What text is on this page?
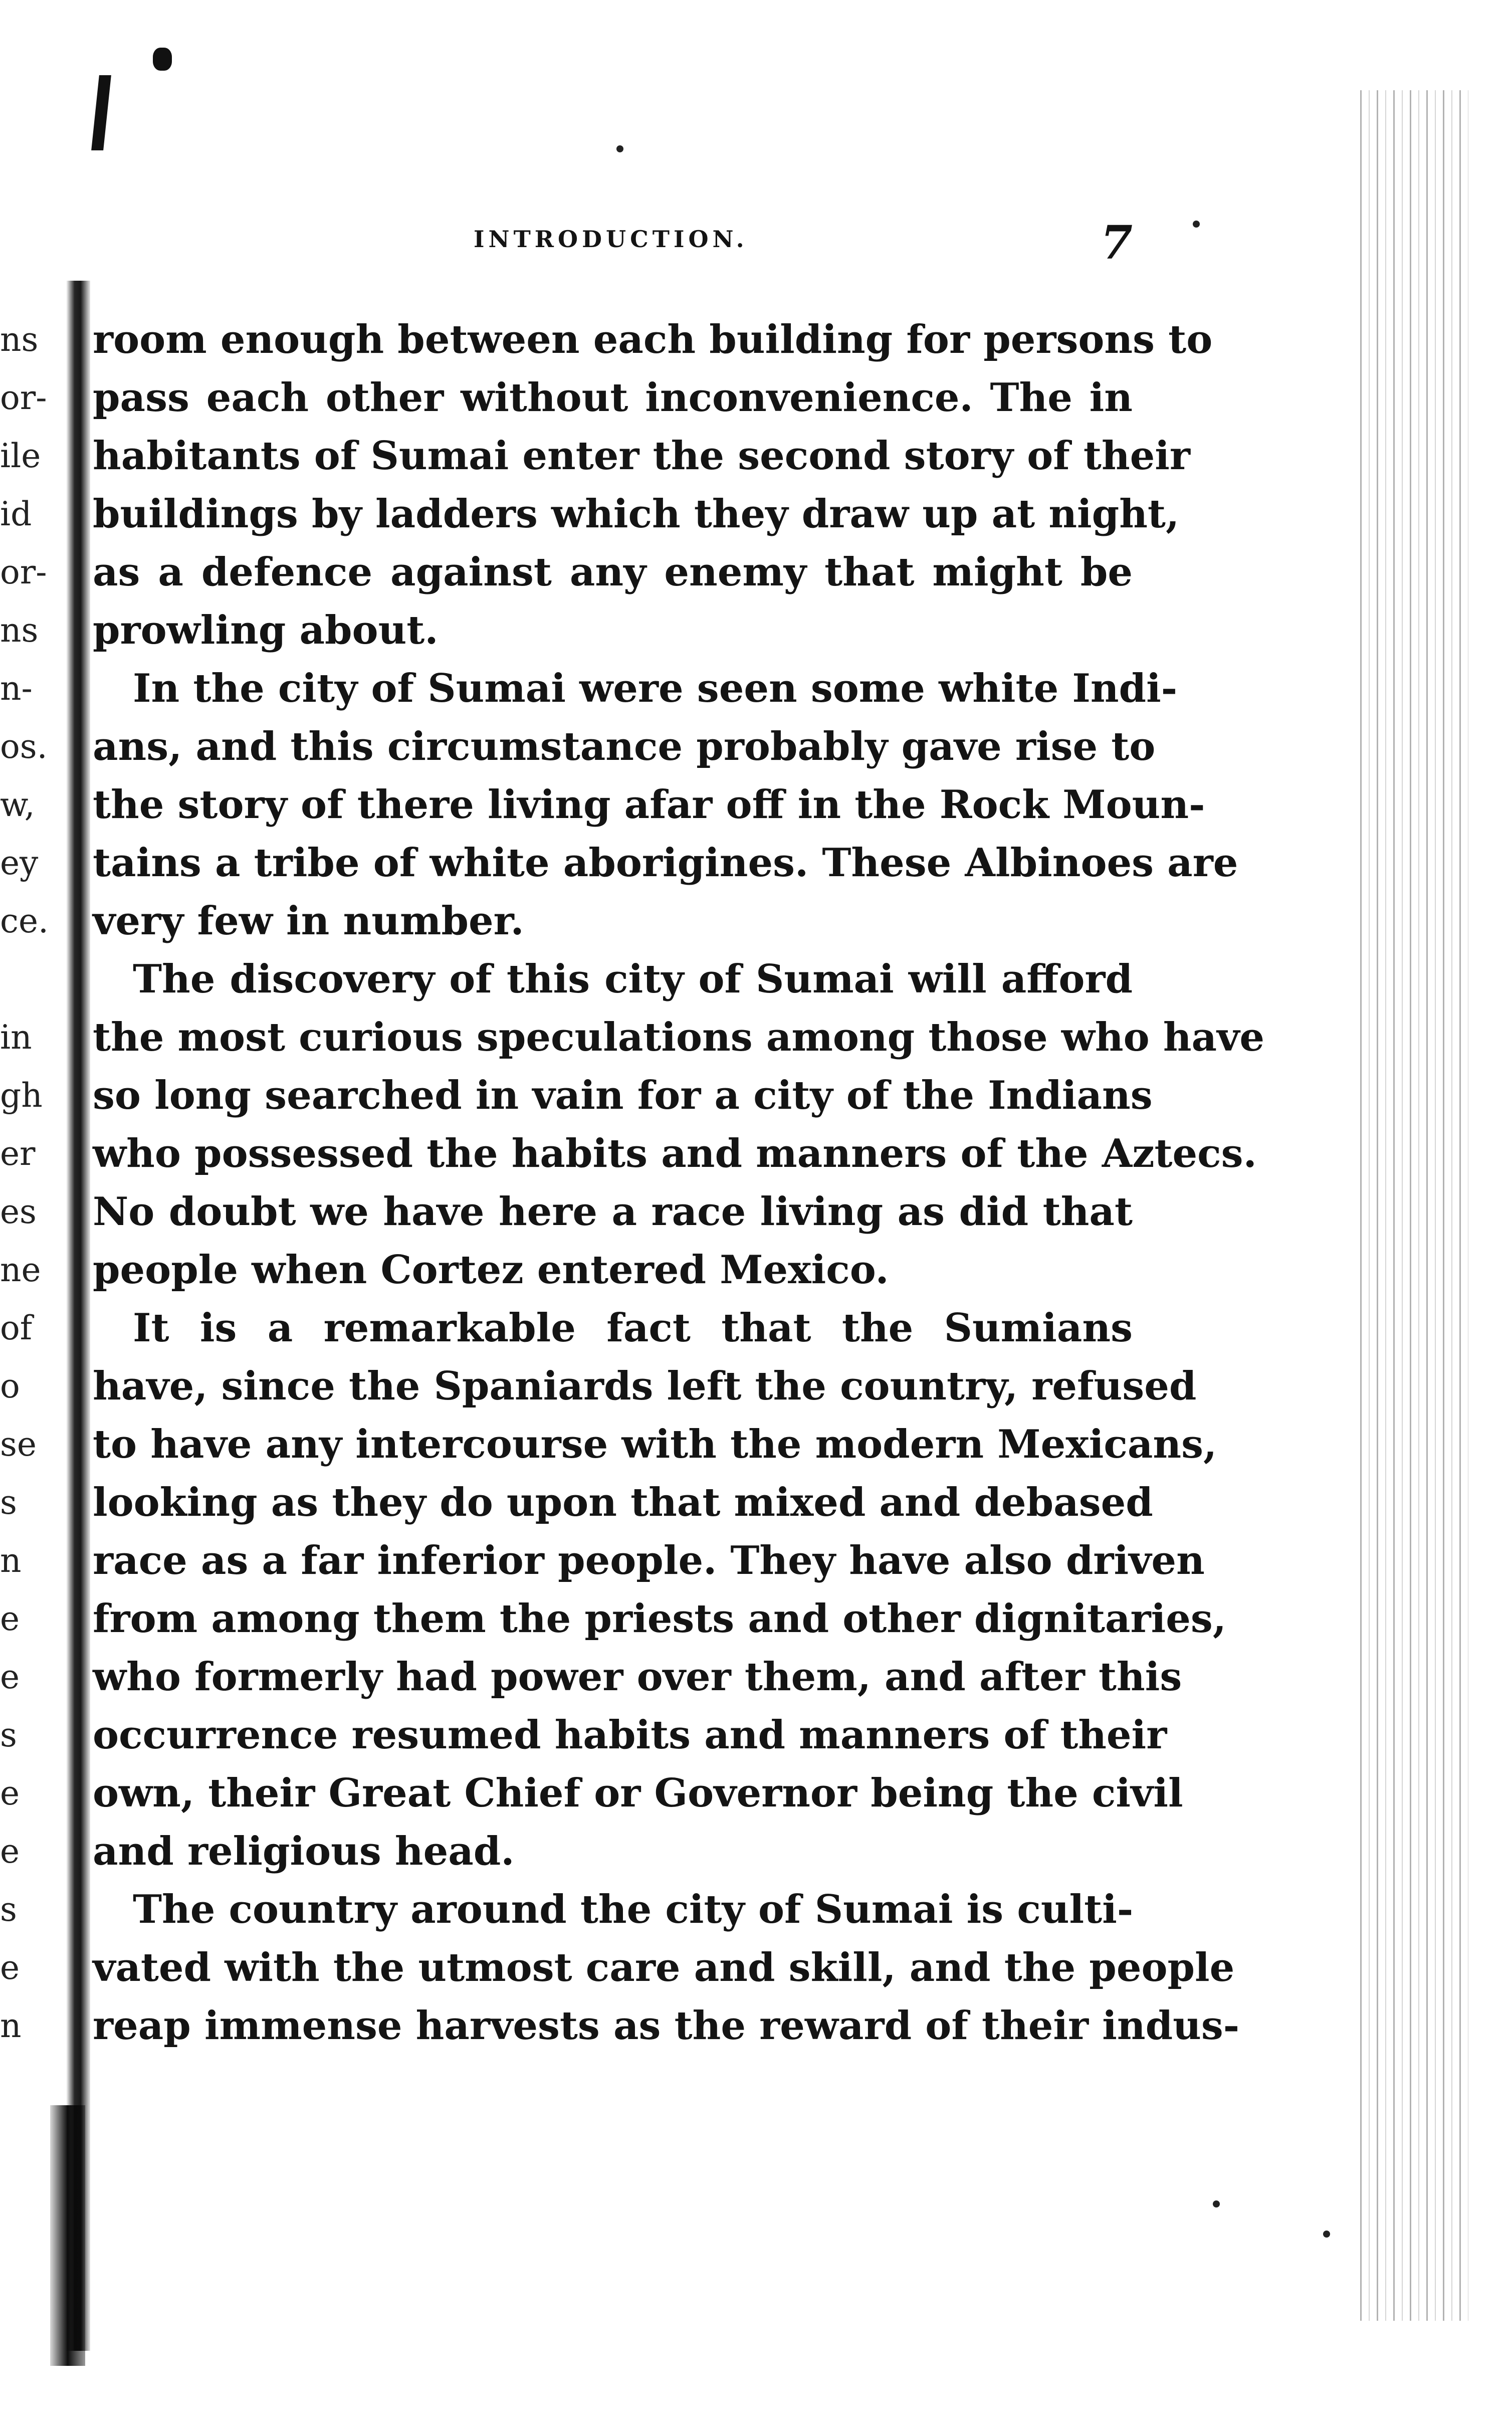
INTRODUCTION.	7
ns
or-
ile
id
or-
ns
n-
os.
w,
ey
ce.
in
gh
er
es
ne
of
o
se
s
n
e
e
s
e
e
s
e
n
room enough between each building for persons to
pass each other without inconvenience. The in
habitants of Sumai enter the second story of their
buildings by ladders which they draw up at night,
as a defence against any enemy that might be
prowling about.
In the city of Sumai were seen some white Indi-
ans, and this circumstance probably gave rise to
the story of there living afar off in the Rock Moun-
tains a tribe of white aborigines. These Albinoes are
very few in number.
The discovery of this city of Sumai will afford
the most curious speculations among those who have
so long searched in vain for a city of the Indians
who possessed the habits and manners of the Aztecs.
No doubt we have here a race living as did that
people when Cortez entered Mexico.
It is a remarkable fact that the Sumians
have, since the Spaniards left the country, refused
to have any intercourse with the modern Mexicans,
looking as they do upon that mixed and debased
race as a far inferior people. They have also driven
from among them the priests and other dignitaries,
who formerly had power over them, and after this
occurrence resumed habits and manners of their
own, their Great Chief or Governor being the civil
and religious head.
The country around the city of Sumai is culti-
vated with the utmost care and skill, and the people
reap immense harvests as the reward of their indus-
